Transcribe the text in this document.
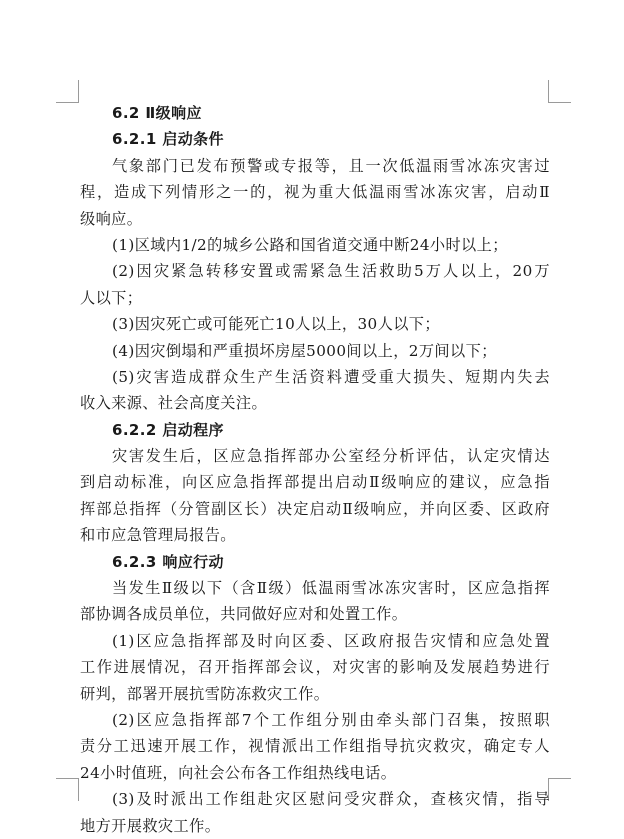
6.2 Ⅱ级响应
6.2.1 启动条件
气象部门已发布预警或专报等，且一次低温雨雪冰冻灾害过
程，造成下列情形之一的，视为重大低温雨雪冰冻灾害，启动Ⅱ
级响应。
(1)区域内1/2的城乡公路和国省道交通中断24小时以上；
(2)因灾紧急转移安置或需紧急生活救助5万人以上，20万
人以下；
(3)因灾死亡或可能死亡10人以上，30人以下；
(4)因灾倒塌和严重损坏房屋5000间以上，2万间以下；
(5)灾害造成群众生产生活资料遭受重大损失、短期内失去
收入来源、社会高度关注。
6.2.2 启动程序
灾害发生后，区应急指挥部办公室经分析评估，认定灾情达
到启动标准，向区应急指挥部提出启动Ⅱ级响应的建议，应急指
挥部总指挥（分管副区长）决定启动Ⅱ级响应，并向区委、区政府
和市应急管理局报告。
6.2.3 响应行动
当发生Ⅱ级以下（含Ⅱ级）低温雨雪冰冻灾害时，区应急指挥
部协调各成员单位，共同做好应对和处置工作。
(1)区应急指挥部及时向区委、区政府报告灾情和应急处置
工作进展情况，召开指挥部会议，对灾害的影响及发展趋势进行
研判，部署开展抗雪防冻救灾工作。
(2)区应急指挥部7个工作组分别由牵头部门召集，按照职
责分工迅速开展工作，视情派出工作组指导抗灾救灾，确定专人
24小时值班，向社会公布各工作组热线电话。
(3)及时派出工作组赴灾区慰问受灾群众，查核灾情，指导
地方开展救灾工作。
